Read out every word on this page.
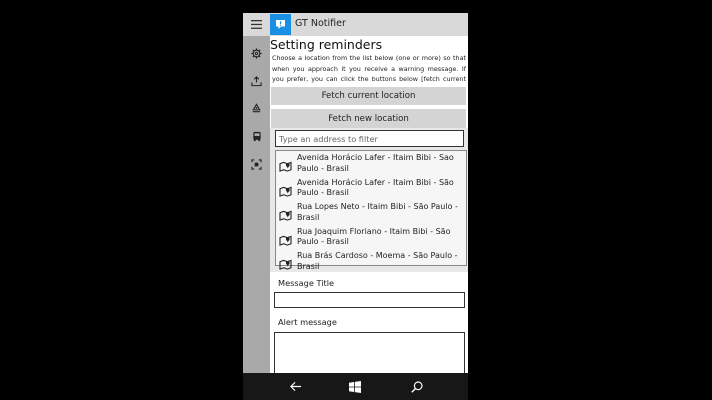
GT Notifier
Setting reminders
Choose a location from the list below (one or more) so that when you approach it you receive a warning message. If you prefer, you can click the buttons below [fetch current
Fetch current location
Fetch new location
Type an address to filter
Avenida Horácio Lafer - Itaim Bibi - Sao Paulo - Brasil
Avenida Horácio Lafer - Itaim Bibi - São Paulo - Brasil
Rua Lopes Neto - Itaim Bibi - São Paulo - Brasil
Rua Joaquim Floriano - Itaim Bibi - São Paulo - Brasil
Rua Brás Cardoso - Moema - São Paulo - Brasil
Message Title
Alert message
